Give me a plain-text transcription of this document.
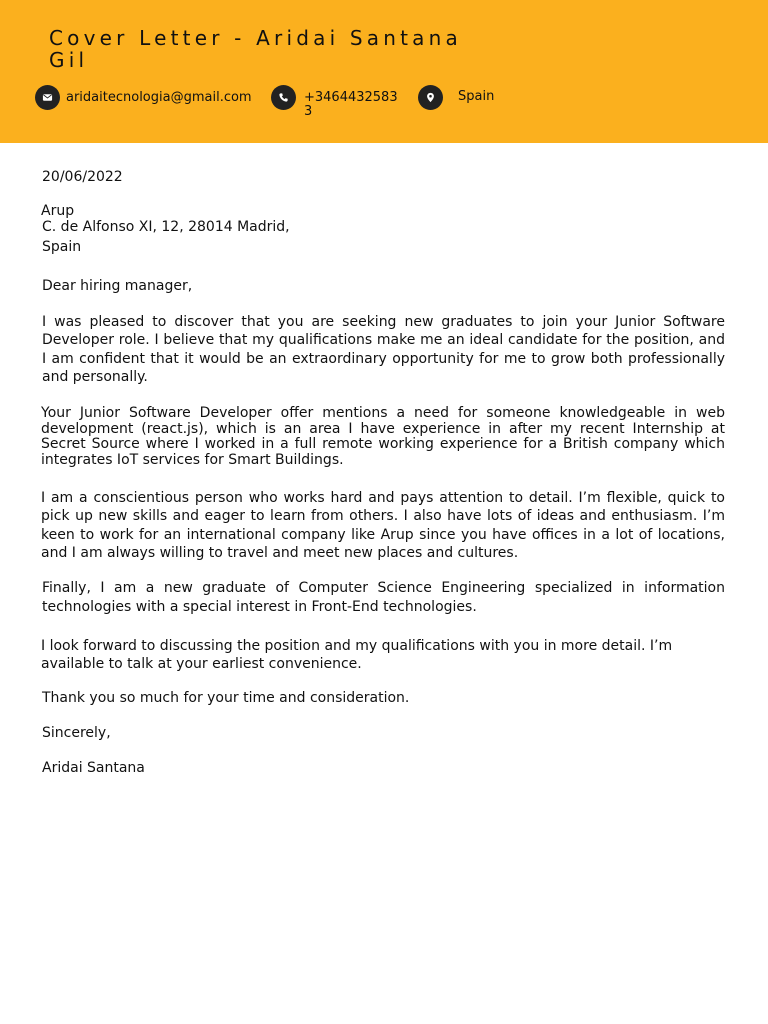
Cover Letter - Aridai Santana Gil
aridaitecnologia@gmail.com	+34644325833
Spain

20/06/2022

Arup

C. de Alfonso XI, 12, 28014 Madrid,

Spain

Dear hiring manager,

I was pleased to discover that you are seeking new graduates to join your Junior Software Developer role. I believe that my qualifications make me an ideal candidate for the position, and I am confident that it would be an extraordinary opportunity for me to grow both professionally and personally.

Your Junior Software Developer offer mentions a need for someone knowledgeable in web development (react.js), which is an area I have experience in after my recent Internship at Secret Source where I worked in a full remote working experience for a British company which integrates IoT services for Smart Buildings.

I am a conscientious person who works hard and pays attention to detail. I’m flexible, quick to pick up new skills and eager to learn from others. I also have lots of ideas and enthusiasm. I’m keen to work for an international company like Arup since you have offices in a lot of locations, and I am always willing to travel and meet new places and cultures.

Finally, I am a new graduate of Computer Science Engineering specialized in information technologies with a special interest in Front-End technologies.

I look forward to discussing the position and my qualifications with you in more detail. I’m available to talk at your earliest convenience.

Thank you so much for your time and consideration.

Sincerely,

Aridai Santana
